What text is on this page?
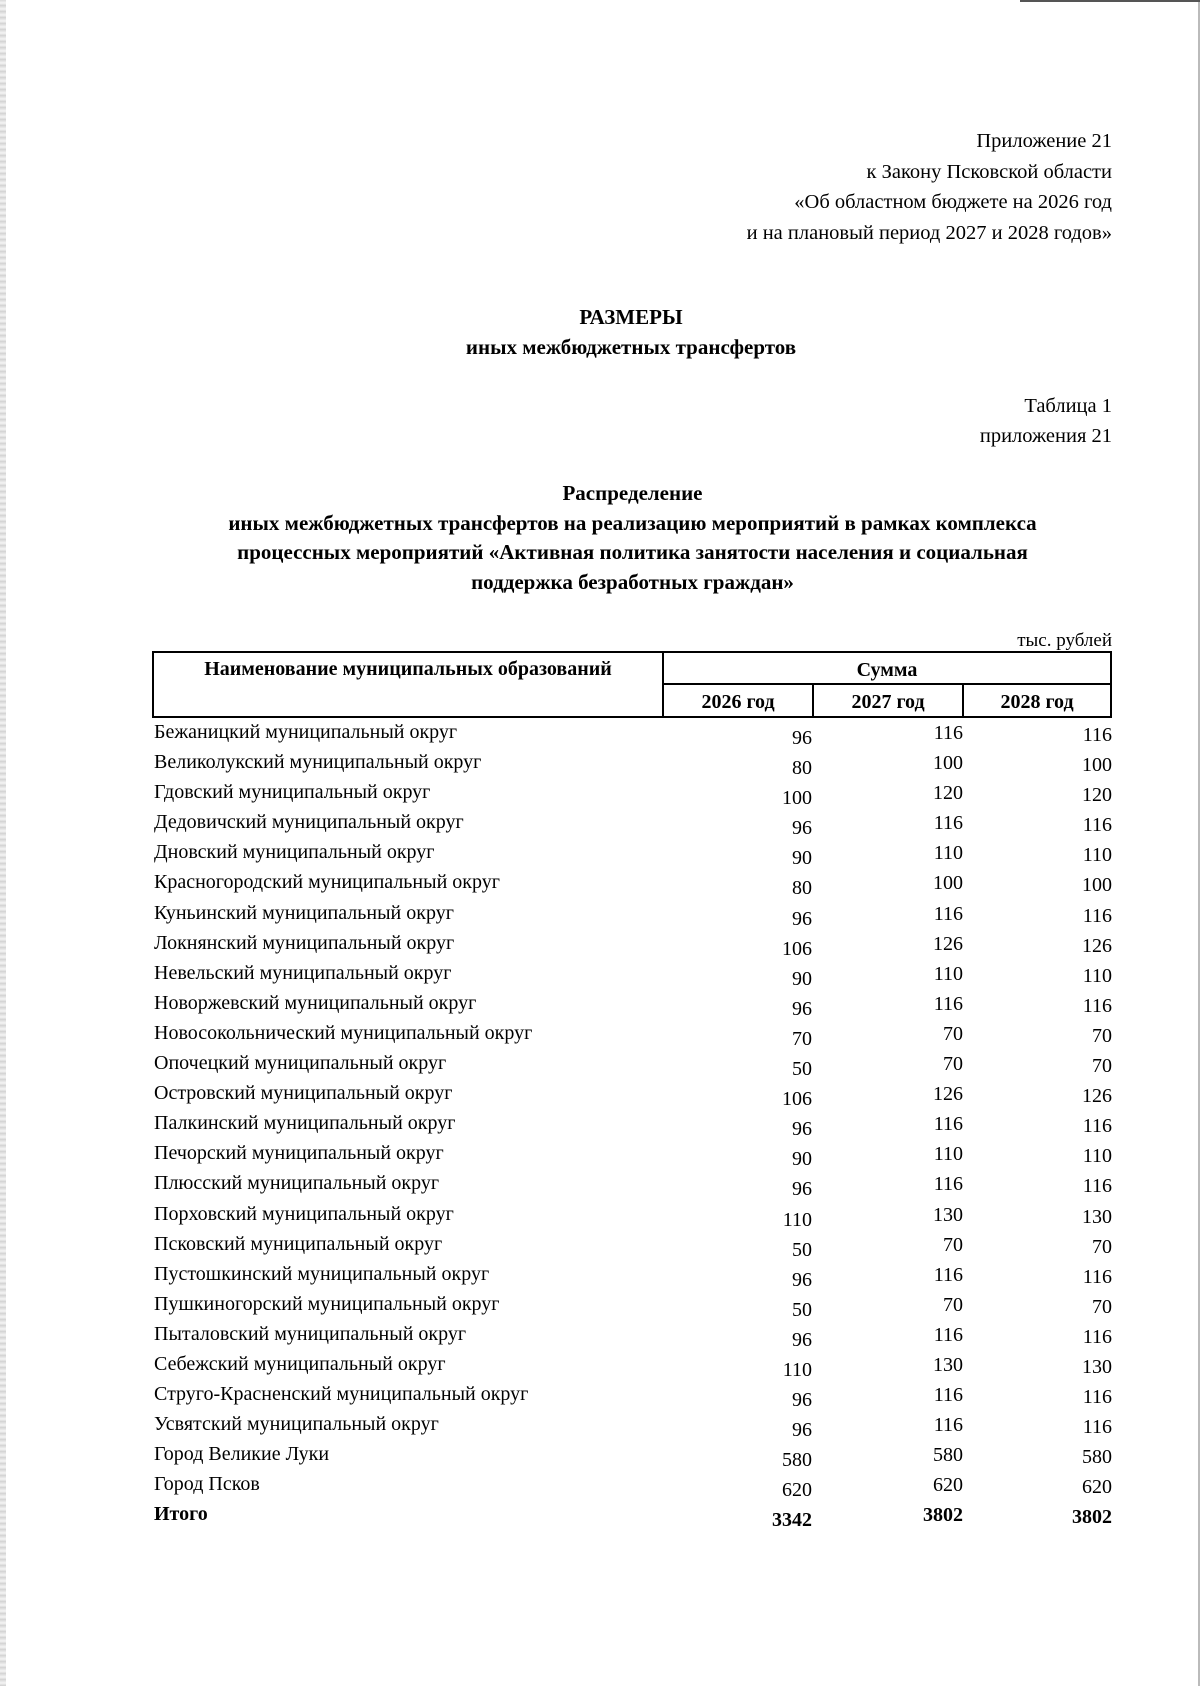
Приложение 21
к Закону Псковской области
«Об областном бюджете на 2026 год
и на плановый период 2027 и 2028 годов»
РАЗМЕРЫ
иных межбюджетных трансфертов
Таблица 1
приложения 21
Распределение
иных межбюджетных трансфертов на реализацию мероприятий в рамках комплекса
процессных мероприятий «Активная политика занятости населения и социальная
поддержка безработных граждан»
тыс. рублей
Наименование муниципальных образований	Сумма
2026 год	2027 год	2028 год
Бежаницкий муниципальный округ	96	116	116
Великолукский муниципальный округ	80	100	100
Гдовский муниципальный округ	100	120	120
Дедовичский муниципальный округ	96	116	116
Дновский муниципальный округ	90	110	110
Красногородский муниципальный округ	80	100	100
Куньинский муниципальный округ	96	116	116
Локнянский муниципальный округ	106	126	126
Невельский муниципальный округ	90	110	110
Новоржевский муниципальный округ	96	116	116
Новосокольнический муниципальный округ	70	70	70
Опочецкий муниципальный округ	50	70	70
Островский муниципальный округ	106	126	126
Палкинский муниципальный округ	96	116	116
Печорский муниципальный округ	90	110	110
Плюсский муниципальный округ	96	116	116
Порховский муниципальный округ	110	130	130
Псковский муниципальный округ	50	70	70
Пустошкинский муниципальный округ	96	116	116
Пушкиногорский муниципальный округ	50	70	70
Пыталовский муниципальный округ	96	116	116
Себежский муниципальный округ	110	130	130
Струго-Красненский муниципальный округ	96	116	116
Усвятский муниципальный округ	96	116	116
Город Великие Луки	580	580	580
Город Псков	620	620	620
Итого	3342	3802	3802
